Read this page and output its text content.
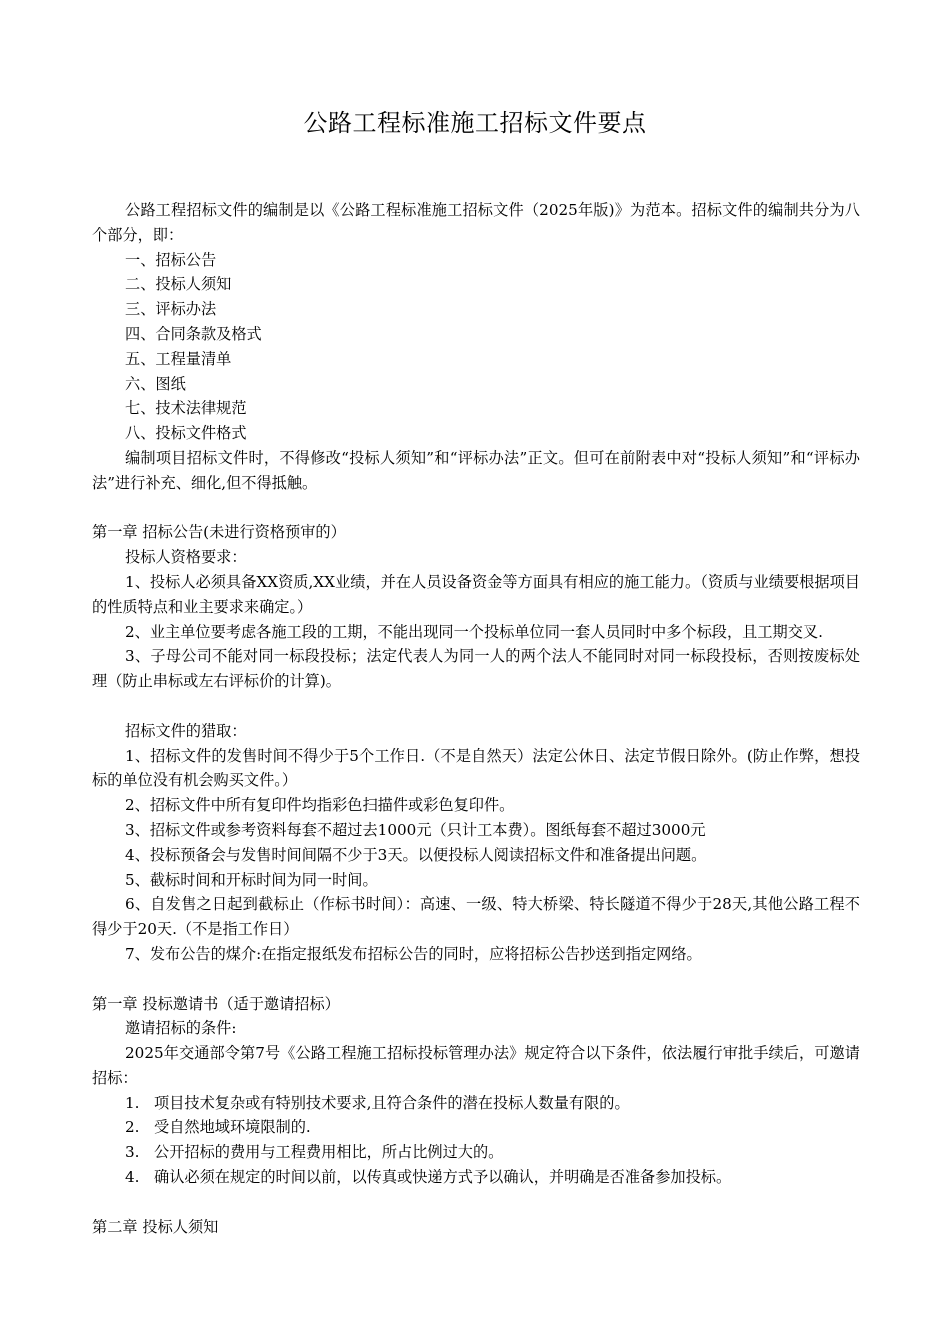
公路工程标准施工招标文件要点

公路工程招标文件的编制是以《公路工程标准施工招标文件（2025年版)》为范本。招标文件的编制共分为八个部分，即：

一、招标公告

二、投标人须知

三、评标办法

四、合同条款及格式

五、工程量清单

六、图纸

七、技术法律规范

八、投标文件格式

编制项目招标文件时，不得修改“投标人须知”和“评标办法”正文。但可在前附表中对“投标人须知”和“评标办法”进行补充、细化,但不得抵触。

第一章 招标公告(未进行资格预审的）

投标人资格要求：

1、投标人必须具备XX资质,XX业绩，并在人员设备资金等方面具有相应的施工能力。（资质与业绩要根据项目的性质特点和业主要求来确定。）

2、业主单位要考虑各施工段的工期，不能出现同一个投标单位同一套人员同时中多个标段，且工期交叉.

3、子母公司不能对同一标段投标；法定代表人为同一人的两个法人不能同时对同一标段投标，否则按废标处理（防止串标或左右评标价的计算)。

招标文件的猎取：

1、招标文件的发售时间不得少于5个工作日.（不是自然天）法定公休日、法定节假日除外。(防止作弊，想投标的单位没有机会购买文件。）

2、招标文件中所有复印件均指彩色扫描件或彩色复印件。

3、招标文件或参考资料每套不超过去1000元（只计工本费）。图纸每套不超过3000元

4、投标预备会与发售时间间隔不少于3天。以便投标人阅读招标文件和准备提出问题。

5、截标时间和开标时间为同一时间。

6、自发售之日起到截标止（作标书时间）：高速、一级、特大桥梁、特长隧道不得少于28天,其他公路工程不得少于20天.（不是指工作日）

7、发布公告的煤介:在指定报纸发布招标公告的同时，应将招标公告抄送到指定网络。

第一章 投标邀请书（适于邀请招标）

邀请招标的条件:

2025年交通部令第7号《公路工程施工招标投标管理办法》规定符合以下条件，依法履行审批手续后，可邀请招标：

1. 项目技术复杂或有特别技术要求,且符合条件的潜在投标人数量有限的。

2. 受自然地域环境限制的.

3. 公开招标的费用与工程费用相比，所占比例过大的。

4. 确认必须在规定的时间以前，以传真或快递方式予以确认，并明确是否准备参加投标。

第二章 投标人须知
